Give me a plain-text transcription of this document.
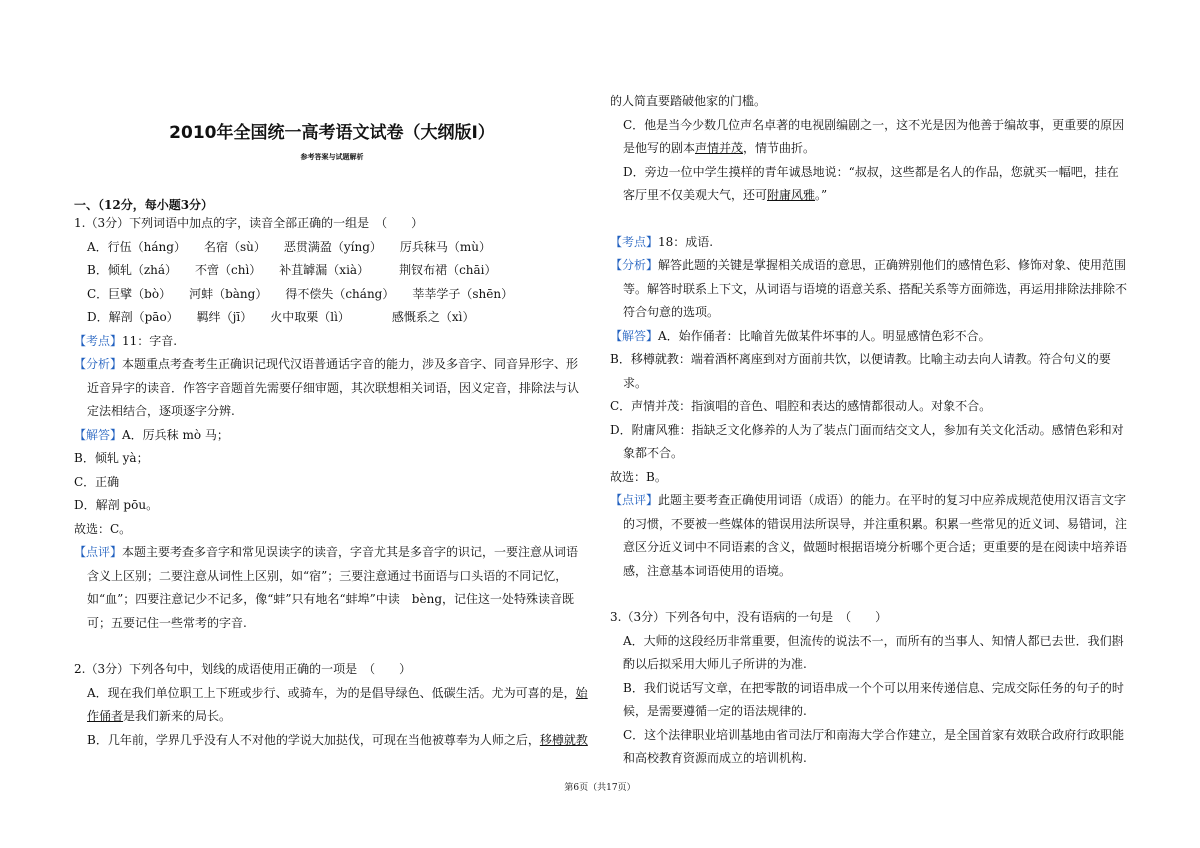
2010年全国统一高考语文试卷（大纲版Ⅰ）
参考答案与试题解析
一、（12分，每小题3分）

1.（3分）下列词语中加点的字，读音全部正确的一组是　（　　）

A．行伍（háng）　　名宿（sù）　　恶贯满盈（yíng）　　厉兵秣马（mù）

B．倾轧（zhá）　　不啻（chì）　　补苴罅漏（xià）　　　荆钗布裙（chāi）

C．巨擘（bò）　　河蚌（bàng）　　得不偿失（cháng）　　莘莘学子（shēn）

D．解剖（pāo）　　羁绊（jī）　　火中取栗（lì）　　　　感慨系之（xì）

【考点】11：字音.

【分析】本题重点考查考生正确识记现代汉语普通话字音的能力，涉及多音字、同音异形字、形近音异字的读音．作答字音题首先需要仔细审题，其次联想相关词语，因义定音，排除法与认定法相结合，逐项逐字分辨.

【解答】A．厉兵秣 mò 马；

B．倾轧 yà；

C．正确

D．解剖 pōu。

故选：C。

【点评】本题主要考查多音字和常见误读字的读音，字音尤其是多音字的识记，一要注意从词语含义上区别；二要注意从词性上区别，如“宿”；三要注意通过书面语与口头语的不同记忆，如“血”；四要注意记少不记多，像“蚌”只有地名“蚌埠”中读　bèng，记住这一处特殊读音既可；五要记住一些常考的字音.

2.（3分）下列各句中，划线的成语使用正确的一项是　（　　）

A．现在我们单位职工上下班或步行、或骑车，为的是倡导绿色、低碳生活。尤为可喜的是，始作俑者是我们新来的局长。

B．几年前，学界几乎没有人不对他的学说大加挞伐，可现在当他被尊奉为人师之后，移樽就教

的人简直要踏破他家的门槛。

C．他是当今少数几位声名卓著的电视剧编剧之一，这不光是因为他善于编故事，更重要的原因是他写的剧本声情并茂，情节曲折。

D．旁边一位中学生摸样的青年诚恳地说：“叔叔，这些都是名人的作品，您就买一幅吧，挂在客厅里不仅美观大气，还可附庸风雅。”

【考点】18：成语.

【分析】解答此题的关键是掌握相关成语的意思，正确辨别他们的感情色彩、修饰对象、使用范围等。解答时联系上下文，从词语与语境的语意关系、搭配关系等方面筛选，再运用排除法排除不符合句意的选项。

【解答】A．始作俑者：比喻首先做某件坏事的人。明显感情色彩不合。

B．移樽就教：端着酒杯离座到对方面前共饮，以便请教。比喻主动去向人请教。符合句义的要求。

C．声情并茂：指演唱的音色、唱腔和表达的感情都很动人。对象不合。

D．附庸风雅：指缺乏文化修养的人为了装点门面而结交文人，参加有关文化活动。感情色彩和对象都不合。

故选：B。

【点评】此题主要考查正确使用词语（成语）的能力。在平时的复习中应养成规范使用汉语言文字的习惯，不要被一些媒体的错误用法所误导，并注重积累。积累一些常见的近义词、易错词，注意区分近义词中不同语素的含义，做题时根据语境分析哪个更合适；更重要的是在阅读中培养语感，注意基本词语使用的语境。

3.（3分）下列各句中，没有语病的一句是　（　　）

A．大师的这段经历非常重要，但流传的说法不一，而所有的当事人、知情人都已去世．我们斟酌以后拟采用大师儿子所讲的为准.

B．我们说话写文章，在把零散的词语串成一个个可以用来传递信息、完成交际任务的句子的时候，是需要遵循一定的语法规律的.

C．这个法律职业培训基地由省司法厅和南海大学合作建立，是全国首家有效联合政府行政职能和高校教育资源而成立的培训机构.

第6页（共17页）
